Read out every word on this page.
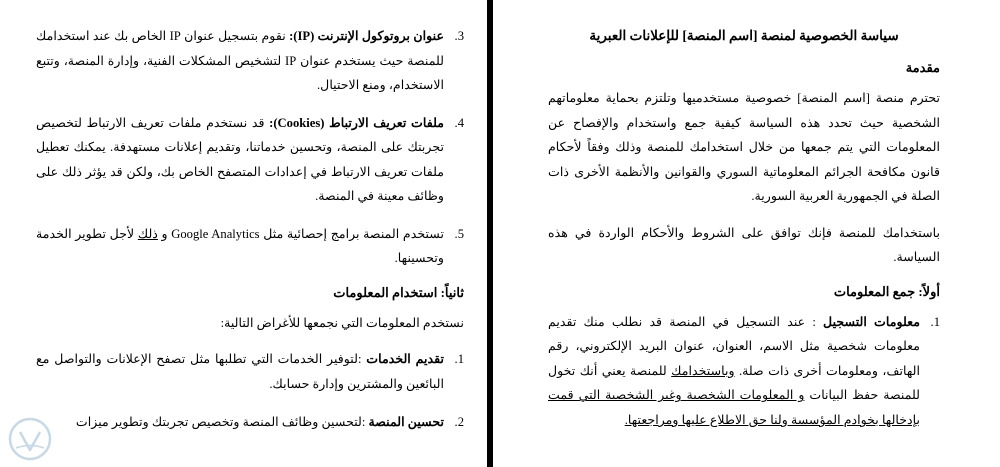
سياسة الخصوصية لمنصة [اسم المنصة] للإعلانات العبرية
مقدمة

تحترم منصة [اسم المنصة] خصوصية مستخدميها وتلتزم بحماية معلوماتهم الشخصية حيث تحدد هذه السياسة كيفية جمع واستخدام والإفصاح عن المعلومات التي يتم جمعها من خلال استخدامك للمنصة وذلك وفقاً لأحكام قانون مكافحة الجرائم المعلوماتية السوري والقوانين والأنظمة الأخرى ذات الصلة في الجمهورية العربية السورية.

باستخدامك للمنصة فإنك توافق على الشروط والأحكام الواردة في هذه السياسة.

أولاً: جمع المعلومات
1.
معلومات التسجيل : عند التسجيل في المنصة قد نطلب منك تقديم معلومات شخصية مثل الاسم، العنوان، عنوان البريد الإلكتروني، رقم الهاتف، ومعلومات أخرى ذات صلة. وباستخدامك للمنصة يعني أنك تخول للمنصة حفظ البيانات و المعلومات الشخصية وغير الشخصية التي قمت بإدخالها بخوادم المؤسسة ولنا حق الاطلاع عليها ومراجعتها.
3.
عنوان بروتوكول الإنترنت (IP): نقوم بتسجيل عنوان IP الخاص بك عند استخدامك للمنصة حيث يستخدم عنوان IP لتشخيص المشكلات الفنية، وإدارة المنصة، وتتبع الاستخدام، ومنع الاحتيال.
4.
ملفات تعريف الارتباط (Cookies): قد نستخدم ملفات تعريف الارتباط لتخصيص تجربتك على المنصة، وتحسين خدماتنا، وتقديم إعلانات مستهدفة. يمكنك تعطيل ملفات تعريف الارتباط في إعدادات المتصفح الخاص بك، ولكن قد يؤثر ذلك على وظائف معينة في المنصة.
5.
تستخدم المنصة برامج إحصائية مثل Google Analytics و ذلك لأجل تطوير الخدمة وتحسينها.
ثانياً: استخدام المعلومات

نستخدم المعلومات التي نجمعها للأغراض التالية:

1.
تقديم الخدمات :لتوفير الخدمات التي تطلبها مثل تصفح الإعلانات والتواصل مع البائعين والمشترين وإدارة حسابك.
2.
تحسين المنصة :لتحسين وظائف المنصة وتخصيص تجربتك وتطوير ميزات
